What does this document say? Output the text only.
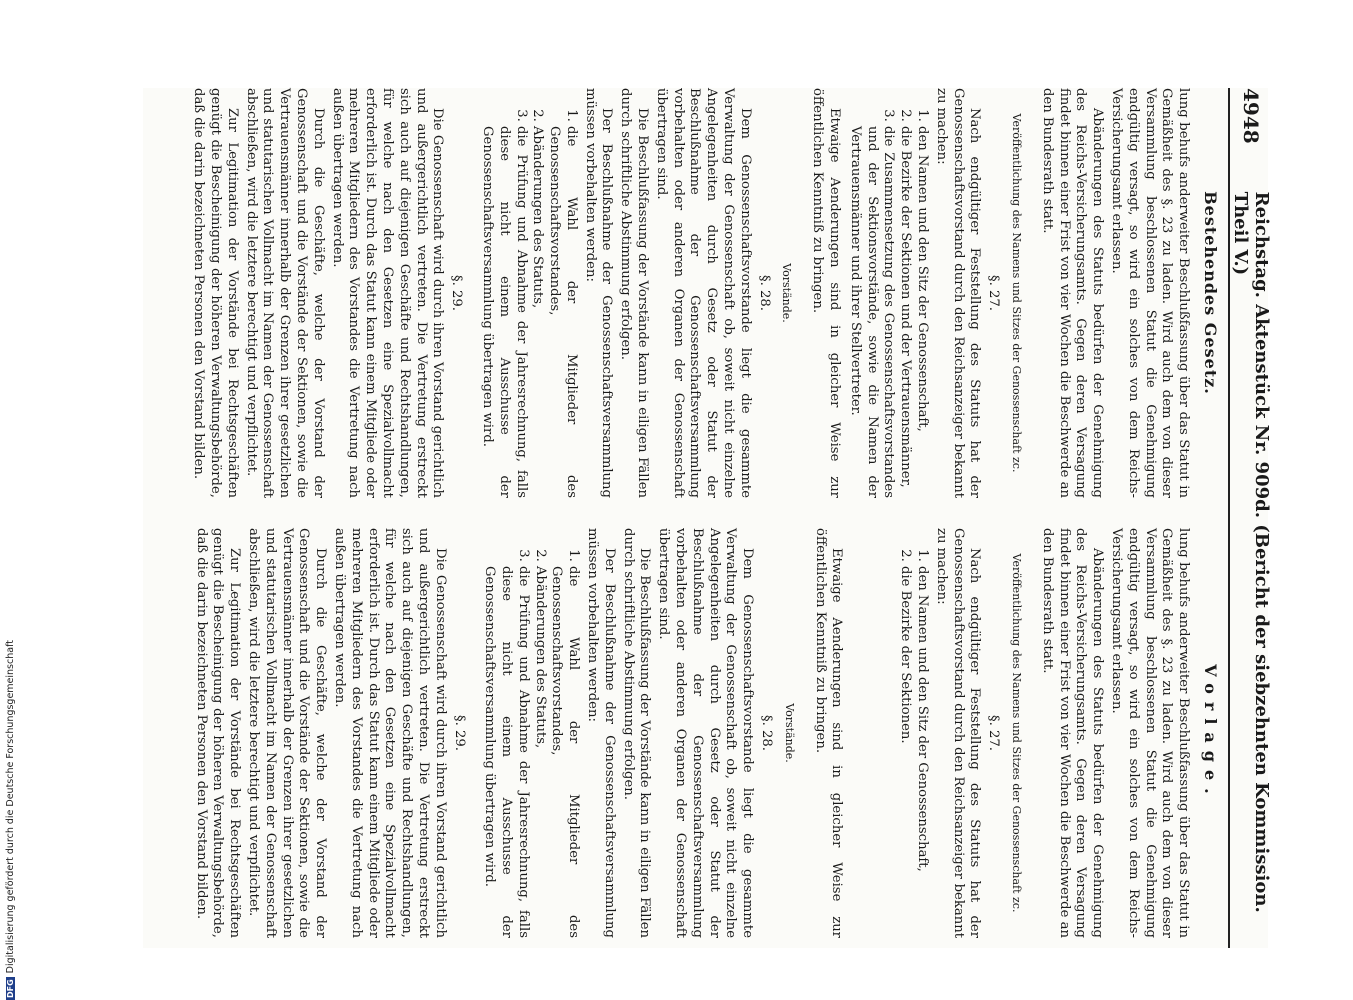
4948
Reichstag. Aktenstück Nr. 909d. (Bericht der siebzehnten Kommission. Theil V.)
Bestehendes Gesetz.

lung behufs anderweiter Beschlußfassung über das Statut in Gemäßheit des §. 23 zu laden. Wird auch dem von dieser Versammlung beschlossenen Statut die Genehmigung endgültig versagt, so wird ein solches von dem Reichs-Versicherungsamt erlassen.

Abänderungen des Statuts bedürfen der Genehmigung des Reichs-Versicherungsamts. Gegen deren Versagung findet binnen einer Frist von vier Wochen die Beschwerde an den Bundesrath statt.

Veröffentlichung des Namens und Sitzes der Genossenschaft zc.
§. 27.

Nach endgültiger Feststellung des Statuts hat der Genossenschaftsvorstand durch den Reichsanzeiger bekannt zu machen:

1. den Namen und den Sitz der Genossenschaft,
2. die Bezirke der Sektionen und der Vertrauensmänner,
3. die Zusammensetzung des Genossenschaftsvorstandes und der Sektionsvorstände, sowie die Namen der Vertrauensmänner und ihrer Stellvertreter.

Etwaige Aenderungen sind in gleicher Weise zur öffentlichen Kenntniß zu bringen.

Vorstände.
§. 28.

Dem Genossenschaftsvorstande liegt die gesammte Verwaltung der Genossenschaft ob, soweit nicht einzelne Angelegenheiten durch Gesetz oder Statut der Beschlußnahme der Genossenschaftsversammlung vorbehalten oder anderen Organen der Genossenschaft übertragen sind.

Die Beschlußfassung der Vorstände kann in eiligen Fällen durch schriftliche Abstimmung erfolgen.

Der Beschlußnahme der Genossenschaftsversammlung müssen vorbehalten werden:

1. die Wahl der Mitglieder des Genossenschaftsvorstandes,
2. Abänderungen des Statuts,
3. die Prüfung und Abnahme der Jahresrechnung, falls diese nicht einem Ausschusse der Genossenschaftsversammlung übertragen wird.
§. 29.

Die Genossenschaft wird durch ihren Vorstand gerichtlich und außergerichtlich vertreten. Die Vertretung erstreckt sich auch auf diejenigen Geschäfte und Rechtshandlungen, für welche nach den Gesetzen eine Spezialvollmacht erforderlich ist. Durch das Statut kann einem Mitgliede oder mehreren Mitgliedern des Vorstandes die Vertretung nach außen übertragen werden.

Durch die Geschäfte, welche der Vorstand der Genossenschaft und die Vorstände der Sektionen, sowie die Vertrauensmänner innerhalb der Grenzen ihrer gesetzlichen und statutarischen Vollmacht im Namen der Genossenschaft abschließen, wird die letztere berechtigt und verpflichtet.

Zur Legitimation der Vorstände bei Rechtsgeschäften genügt die Bescheinigung der höheren Verwaltungsbehörde, daß die darin bezeichneten Personen den Vorstand bilden.

Vorlage.

lung behufs anderweiter Beschlußfassung über das Statut in Gemäßheit des §. 23 zu laden. Wird auch dem von dieser Versammlung beschlossenen Statut die Genehmigung endgültig versagt, so wird ein solches von dem Reichs-Versicherungsamt erlassen.

Abänderungen des Statuts bedürfen der Genehmigung des Reichs-Versicherungsamts. Gegen deren Versagung findet binnen einer Frist von vier Wochen die Beschwerde an den Bundesrath statt.

Veröffentlichung des Namens und Sitzes der Genossenschaft zc.
§. 27.

Nach endgültiger Feststellung des Statuts hat der Genossenschaftsvorstand durch den Reichsanzeiger bekannt zu machen:

1. den Namen und den Sitz der Genossenschaft,
2. die Bezirke der Sektionen.

Etwaige Aenderungen sind in gleicher Weise zur öffentlichen Kenntniß zu bringen.

Vorstände.
§. 28.

Dem Genossenschaftsvorstande liegt die gesammte Verwaltung der Genossenschaft ob, soweit nicht einzelne Angelegenheiten durch Gesetz oder Statut der Beschlußnahme der Genossenschaftsversammlung vorbehalten oder anderen Organen der Genossenschaft übertragen sind.

Die Beschlußfassung der Vorstände kann in eiligen Fällen durch schriftliche Abstimmung erfolgen.

Der Beschlußnahme der Genossenschaftsversammlung müssen vorbehalten werden:

1. die Wahl der Mitglieder des Genossenschaftsvorstandes,
2. Abänderungen des Statuts,
3. die Prüfung und Abnahme der Jahresrechnung, falls diese nicht einem Ausschusse der Genossenschaftsversammlung übertragen wird.
§. 29.

Die Genossenschaft wird durch ihren Vorstand gerichtlich und außergerichtlich vertreten. Die Vertretung erstreckt sich auch auf diejenigen Geschäfte und Rechtshandlungen, für welche nach den Gesetzen eine Spezialvollmacht erforderlich ist. Durch das Statut kann einem Mitgliede oder mehreren Mitgliedern des Vorstandes die Vertretung nach außen übertragen werden.

Durch die Geschäfte, welche der Vorstand der Genossenschaft und die Vorstände der Sektionen, sowie die Vertrauensmänner innerhalb der Grenzen ihrer gesetzlichen und statutarischen Vollmacht im Namen der Genossenschaft abschließen, wird die letztere berechtigt und verpflichtet.

Zur Legitimation der Vorstände bei Rechtsgeschäften genügt die Bescheinigung der höheren Verwaltungsbehörde, daß die darin bezeichneten Personen den Vorstand bilden.

DFG
Digitalisierung gefördert durch die Deutsche Forschungsgemeinschaft
